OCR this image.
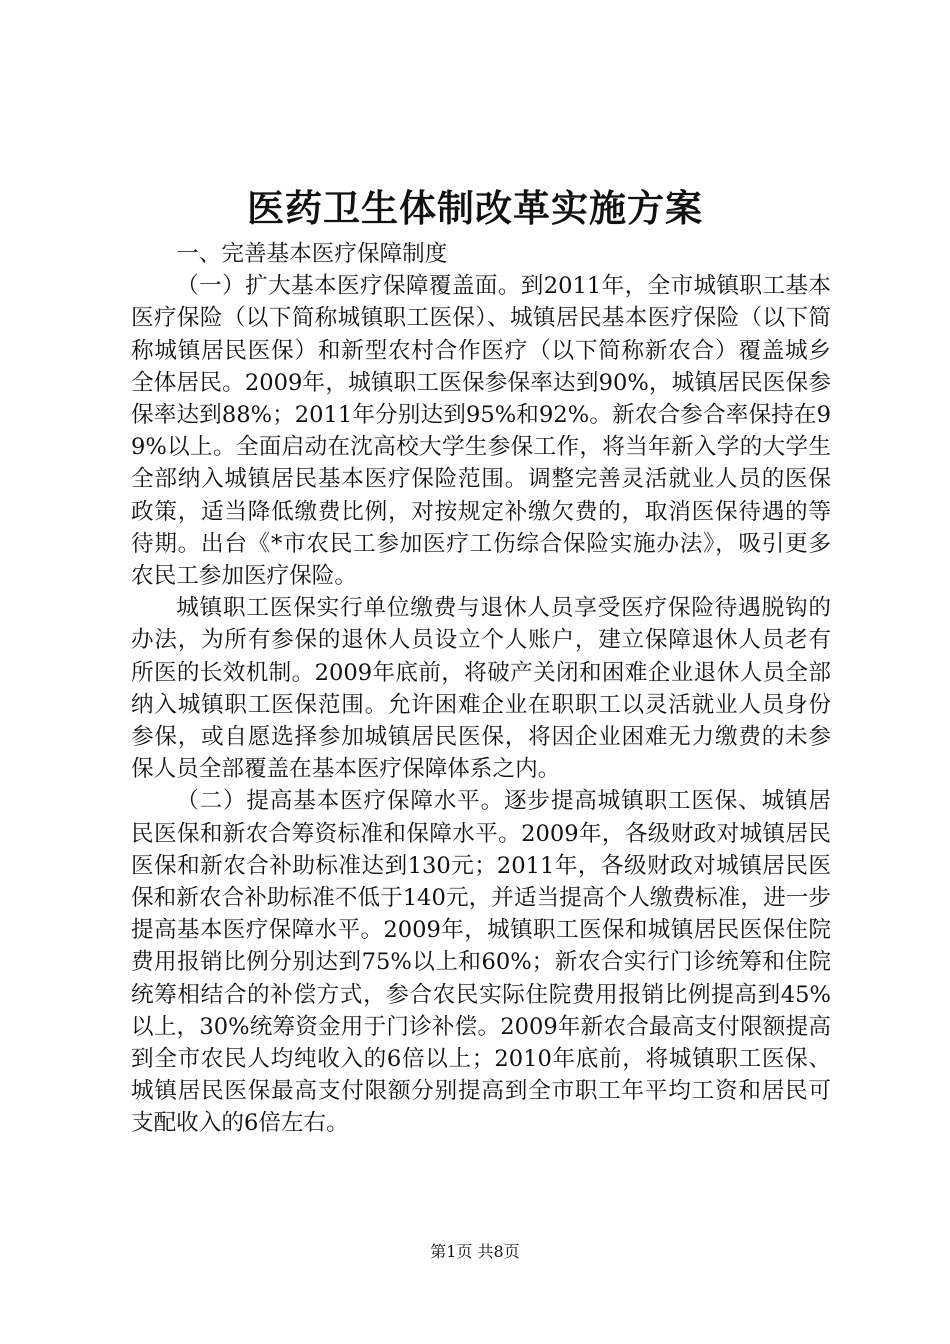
医药卫生体制改革实施方案

一、完善基本医疗保障制度

（一）扩大基本医疗保障覆盖面。到2011年，全市城镇职工基本医疗保险（以下简称城镇职工医保）、城镇居民基本医疗保险（以下简称城镇居民医保）和新型农村合作医疗（以下简称新农合）覆盖城乡全体居民。2009年，城镇职工医保参保率达到90%，城镇居民医保参保率达到88%；2011年分别达到95%和92%。新农合参合率保持在99%以上。全面启动在沈高校大学生参保工作，将当年新入学的大学生全部纳入城镇居民基本医疗保险范围。调整完善灵活就业人员的医保政策，适当降低缴费比例，对按规定补缴欠费的，取消医保待遇的等待期。出台《*市农民工参加医疗工伤综合保险实施办法》，吸引更多农民工参加医疗保险。

城镇职工医保实行单位缴费与退休人员享受医疗保险待遇脱钩的办法，为所有参保的退休人员设立个人账户，建立保障退休人员老有所医的长效机制。2009年底前，将破产关闭和困难企业退休人员全部纳入城镇职工医保范围。允许困难企业在职职工以灵活就业人员身份参保，或自愿选择参加城镇居民医保，将因企业困难无力缴费的未参保人员全部覆盖在基本医疗保障体系之内。

（二）提高基本医疗保障水平。逐步提高城镇职工医保、城镇居民医保和新农合筹资标准和保障水平。2009年，各级财政对城镇居民医保和新农合补助标准达到130元；2011年，各级财政对城镇居民医保和新农合补助标准不低于140元，并适当提高个人缴费标准，进一步提高基本医疗保障水平。2009年，城镇职工医保和城镇居民医保住院费用报销比例分别达到75%以上和60%；新农合实行门诊统筹和住院统筹相结合的补偿方式，参合农民实际住院费用报销比例提高到45%以上，30%统筹资金用于门诊补偿。2009年新农合最高支付限额提高到全市农民人均纯收入的6倍以上；2010年底前，将城镇职工医保、城镇居民医保最高支付限额分别提高到全市职工年平均工资和居民可支配收入的6倍左右。

第1页 共8页
